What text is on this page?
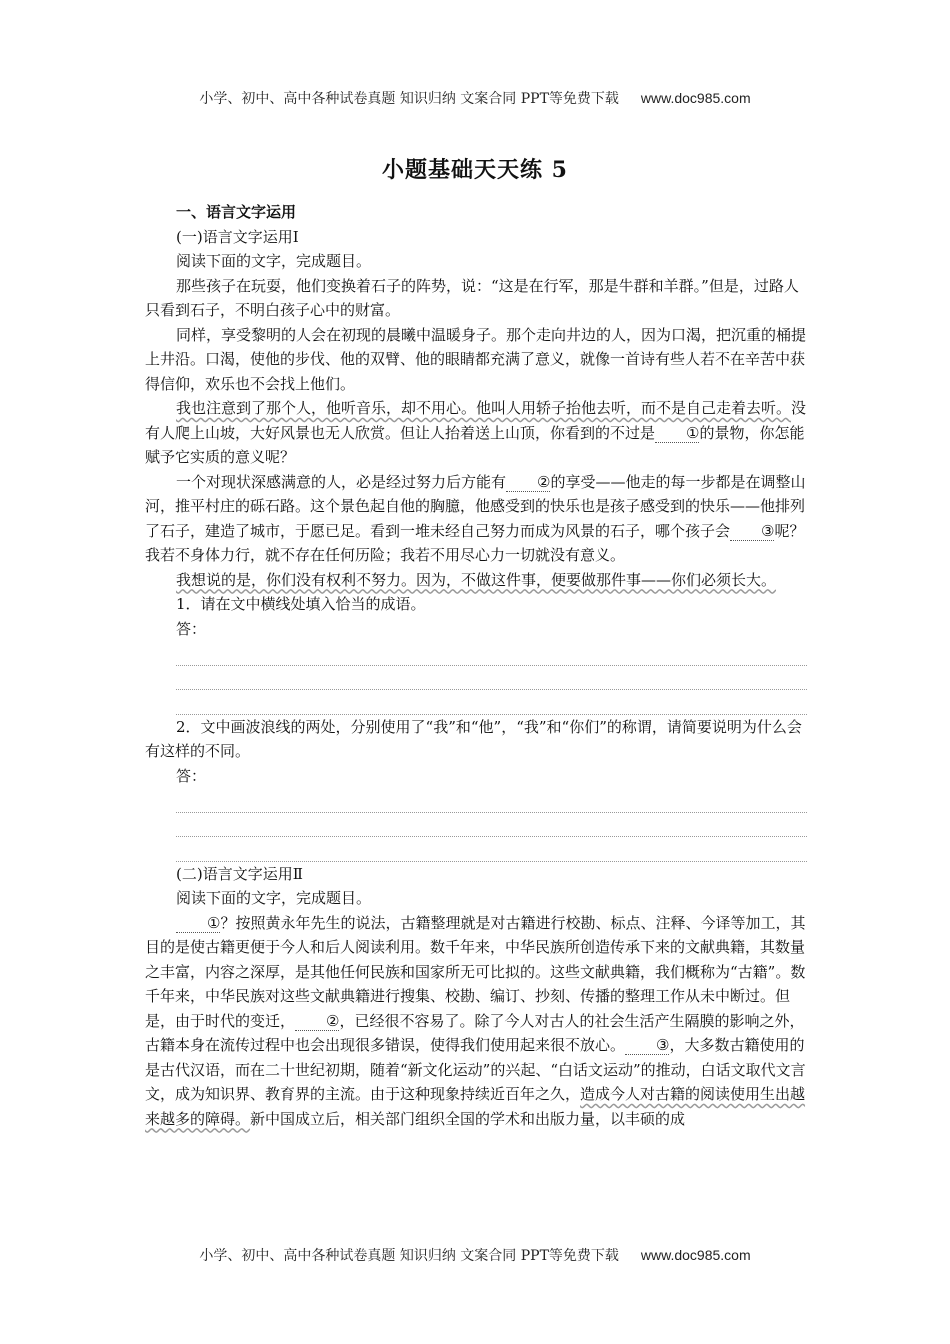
小学、初中、高中各种试卷真题 知识归纳 文案合同 PPT等免费下载 www.doc985.com
小题基础天天练 5

一、语言文字运用

(一)语言文字运用Ⅰ

阅读下面的文字，完成题目。

那些孩子在玩耍，他们变换着石子的阵势，说：“这是在行军，那是牛群和羊群。”但是，过路人只看到石子，不明白孩子心中的财富。

同样，享受黎明的人会在初现的晨曦中温暖身子。那个走向井边的人，因为口渴，把沉重的桶提上井沿。口渴，使他的步伐、他的双臂、他的眼睛都充满了意义，就像一首诗有些人若不在辛苦中获得信仰，欢乐也不会找上他们。

我也注意到了那个人，他听音乐，却不用心。他叫人用轿子抬他去听，而不是自己走着去听。没有人爬上山坡，大好风景也无人欣赏。但让人抬着送上山顶，你看到的不过是 ①的景物，你怎能赋予它实质的意义呢？

一个对现状深感满意的人，必是经过努力后方能有 ②的享受——他走的每一步都是在调整山河，推平村庄的砾石路。这个景色起自他的胸臆，他感受到的快乐也是孩子感受到的快乐——他排列了石子，建造了城市，于愿已足。看到一堆未经自己努力而成为风景的石子，哪个孩子会 ③呢？我若不身体力行，就不存在任何历险；我若不用尽心力一切就没有意义。

我想说的是，你们没有权利不努力。因为，不做这件事，便要做那件事——你们必须长大。

1．请在文中横线处填入恰当的成语。

答：

2．文中画波浪线的两处，分别使用了“我”和“他”，“我”和“你们”的称谓，请简要说明为什么会有这样的不同。

答：

(二)语言文字运用Ⅱ

阅读下面的文字，完成题目。

①？按照黄永年先生的说法，古籍整理就是对古籍进行校勘、标点、注释、今译等加工，其目的是使古籍更便于今人和后人阅读利用。数千年来，中华民族所创造传承下来的文献典籍，其数量之丰富，内容之深厚，是其他任何民族和国家所无可比拟的。这些文献典籍，我们概称为“古籍”。数千年来，中华民族对这些文献典籍进行搜集、校勘、编订、抄刻、传播的整理工作从未中断过。但是，由于时代的变迁， ②，已经很不容易了。除了今人对古人的社会生活产生隔膜的影响之外，古籍本身在流传过程中也会出现很多错误，使得我们使用起来很不放心。 ③，大多数古籍使用的是古代汉语，而在二十世纪初期，随着“新文化运动”的兴起、“白话文运动”的推动，白话文取代文言文，成为知识界、教育界的主流。由于这种现象持续近百年之久，造成今人对古籍的阅读使用生出越来越多的障碍。新中国成立后，相关部门组织全国的学术和出版力量，以丰硕的成

小学、初中、高中各种试卷真题 知识归纳 文案合同 PPT等免费下载 www.doc985.com
